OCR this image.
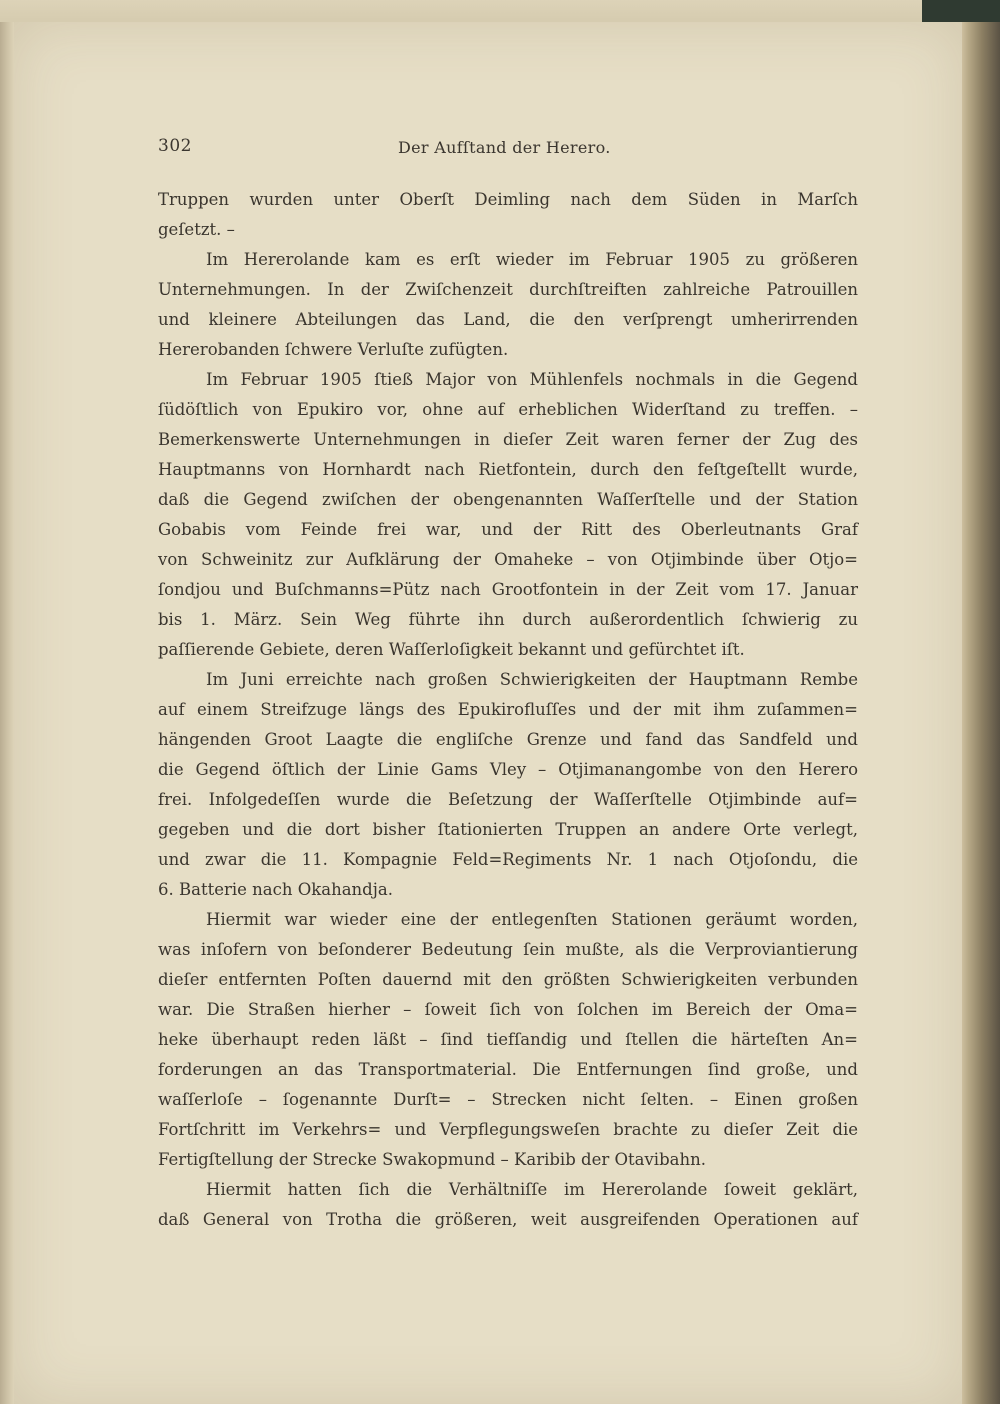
302	Der Aufſtand der Herero.
Truppen wurden unter Oberſt Deimling nach dem Süden in Marſch
geſetzt. –
Im Hererolande kam es erſt wieder im Februar 1905 zu größeren
Unternehmungen. In der Zwiſchenzeit durchſtreiften zahlreiche Patrouillen
und kleinere Abteilungen das Land, die den verſprengt umherirrenden
Hererobanden ſchwere Verluſte zufügten.
Im Februar 1905 ſtieß Major von Mühlenfels nochmals in die Gegend
ſüdöſtlich von Epukiro vor, ohne auf erheblichen Widerſtand zu treffen. –
Bemerkenswerte Unternehmungen in dieſer Zeit waren ferner der Zug des
Hauptmanns von Hornhardt nach Rietfontein, durch den feſtgeſtellt wurde,
daß die Gegend zwiſchen der obengenannten Waſſerſtelle und der Station
Gobabis vom Feinde frei war, und der Ritt des Oberleutnants Graf
von Schweinitz zur Aufklärung der Omaheke – von Otjimbinde über Otjo=
ſondjou und Buſchmanns=Pütz nach Grootfontein in der Zeit vom 17. Januar
bis 1. März. Sein Weg führte ihn durch außerordentlich ſchwierig zu
paſſierende Gebiete, deren Waſſerloſigkeit bekannt und gefürchtet iſt.
Im Juni erreichte nach großen Schwierigkeiten der Hauptmann Rembe
auf einem Streifzuge längs des Epukirofluſſes und der mit ihm zuſammen=
hängenden Groot Laagte die engliſche Grenze und fand das Sandfeld und
die Gegend öſtlich der Linie Gams Vley – Otjimanangombe von den Herero
frei. Infolgedeſſen wurde die Beſetzung der Waſſerſtelle Otjimbinde auf=
gegeben und die dort bisher ſtationierten Truppen an andere Orte verlegt,
und zwar die 11. Kompagnie Feld=Regiments Nr. 1 nach Otjoſondu, die
6. Batterie nach Okahandja.
Hiermit war wieder eine der entlegenſten Stationen geräumt worden,
was inſofern von beſonderer Bedeutung ſein mußte, als die Verproviantierung
dieſer entfernten Poſten dauernd mit den größten Schwierigkeiten verbunden
war. Die Straßen hierher – ſoweit ſich von ſolchen im Bereich der Oma=
heke überhaupt reden läßt – ſind tiefſandig und ſtellen die härteſten An=
forderungen an das Transportmaterial. Die Entfernungen ſind große, und
waſſerloſe – ſogenannte Durſt= – Strecken nicht ſelten. – Einen großen
Fortſchritt im Verkehrs= und Verpflegungsweſen brachte zu dieſer Zeit die
Fertigſtellung der Strecke Swakopmund – Karibib der Otavibahn.
Hiermit hatten ſich die Verhältniſſe im Hererolande ſoweit geklärt,
daß General von Trotha die größeren, weit ausgreifenden Operationen auf
